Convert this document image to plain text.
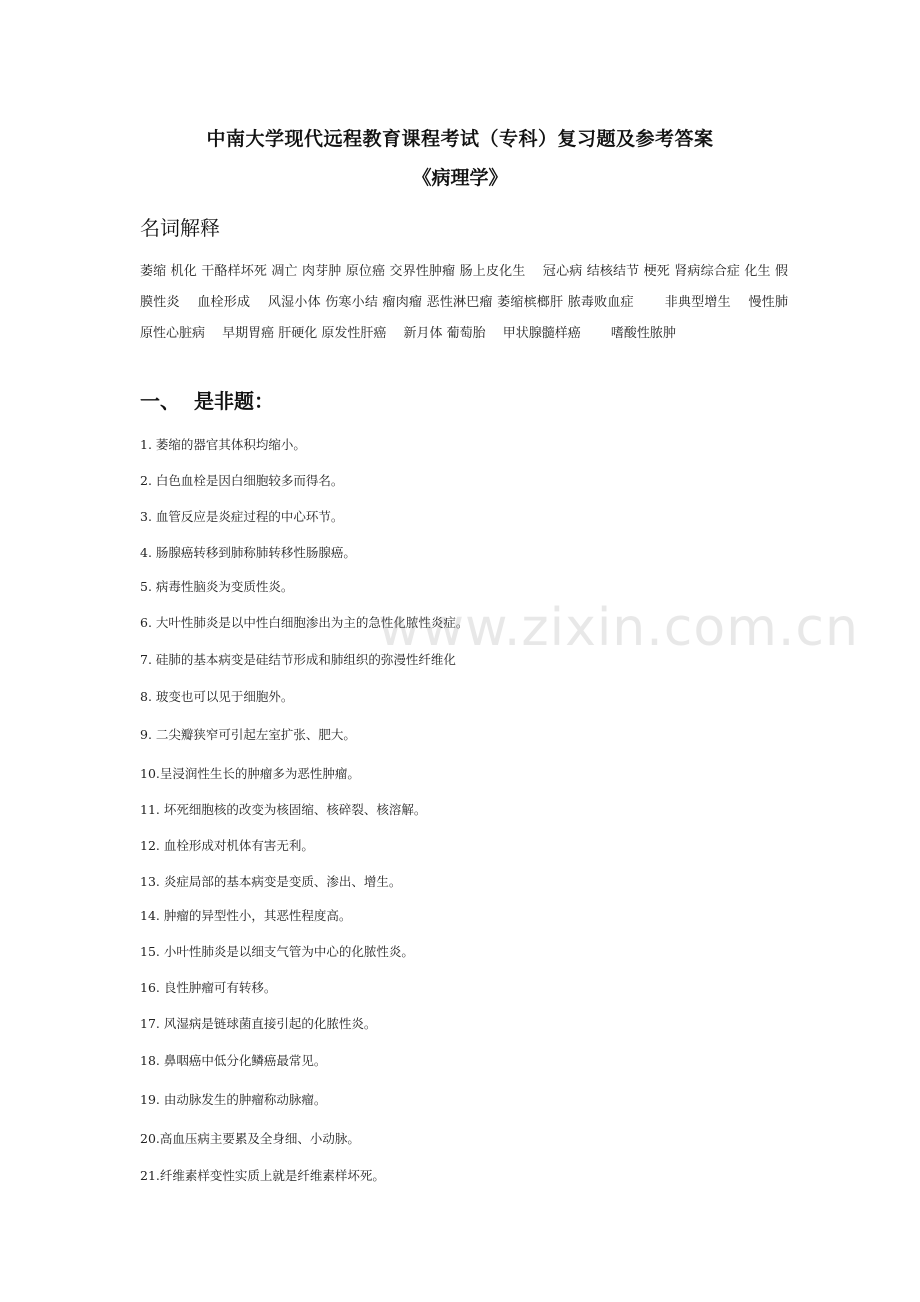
中南大学现代远程教育课程考试（专科）复习题及参考答案
《病理学》
名词解释
萎缩 机化 干酪样坏死 凋亡 肉芽肿 原位癌 交界性肿瘤 肠上皮化生 　冠心病 结核结节 梗死 肾病综合症 化生 假膜性炎 　血栓形成 　风湿小体 伤寒小结 瘤肉瘤 恶性淋巴瘤 萎缩槟榔肝 脓毒败血症 　　非典型增生 　慢性肺原性心脏病 　早期胃癌 肝硬化 原发性肝癌 　新月体 葡萄胎 　甲状腺髓样癌 　　嗜酸性脓肿
一、 是非题：
1. 萎缩的器官其体积均缩小。
2. 白色血栓是因白细胞较多而得名。
3. 血管反应是炎症过程的中心环节。
4. 肠腺癌转移到肺称肺转移性肠腺癌。
5. 病毒性脑炎为变质性炎。
6. 大叶性肺炎是以中性白细胞渗出为主的急性化脓性炎症。
7. 硅肺的基本病变是硅结节形成和肺组织的弥漫性纤维化
8. 玻变也可以见于细胞外。
9. 二尖瓣狭窄可引起左室扩张、肥大。
10.呈浸润性生长的肿瘤多为恶性肿瘤。
11. 坏死细胞核的改变为核固缩、核碎裂、核溶解。
12. 血栓形成对机体有害无利。
13. 炎症局部的基本病变是变质、渗出、增生。
14. 肿瘤的异型性小，其恶性程度高。
15. 小叶性肺炎是以细支气管为中心的化脓性炎。
16. 良性肿瘤可有转移。
17. 风湿病是链球菌直接引起的化脓性炎。
18. 鼻咽癌中低分化鳞癌最常见。
19. 由动脉发生的肿瘤称动脉瘤。
20.高血压病主要累及全身细、小动脉。
21.纤维素样变性实质上就是纤维素样坏死。
www.zixin.com.cn
